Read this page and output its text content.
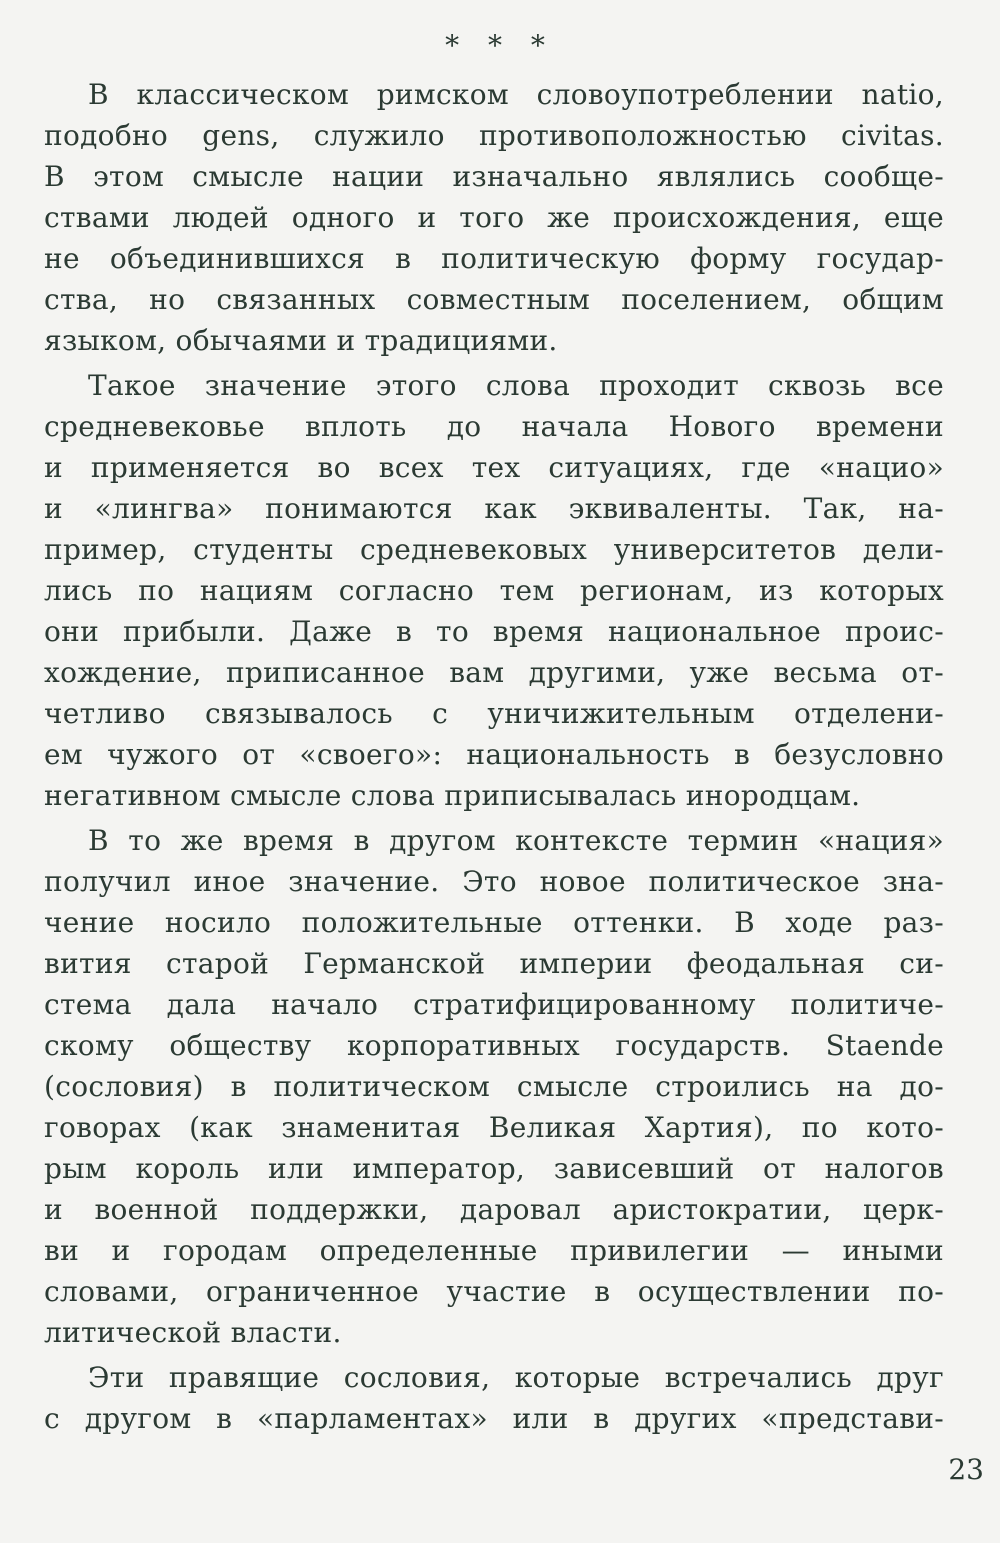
* * *
В классическом римском словоупотреблении natio,
подобно gens, служило противоположностью civitas.
В этом смысле нации изначально являлись сообще-
ствами людей одного и того же происхождения, еще
не объединившихся в политическую форму государ-
ства, но связанных совместным поселением, общим
языком, обычаями и традициями.
Такое значение этого слова проходит сквозь все
средневековье вплоть до начала Нового времени
и применяется во всех тех ситуациях, где «нацио»
и «лингва» понимаются как эквиваленты. Так, на-
пример, студенты средневековых университетов дели-
лись по нациям согласно тем регионам, из которых
они прибыли. Даже в то время национальное проис-
хождение, приписанное вам другими, уже весьма от-
четливо связывалось с уничижительным отделени-
ем чужого от «своего»: национальность в безусловно
негативном смысле слова приписывалась инородцам.
В то же время в другом контексте термин «нация»
получил иное значение. Это новое политическое зна-
чение носило положительные оттенки. В ходе раз-
вития старой Германской империи феодальная си-
стема дала начало стратифицированному политиче-
скому обществу корпоративных государств. Staende
(сословия) в политическом смысле строились на до-
говорах (как знаменитая Великая Хартия), по кото-
рым король или император, зависевший от налогов
и военной поддержки, даровал аристократии, церк-
ви и городам определенные привилегии — иными
словами, ограниченное участие в осуществлении по-
литической власти.
Эти правящие сословия, которые встречались друг
с другом в «парламентах» или в других «представи-
23
